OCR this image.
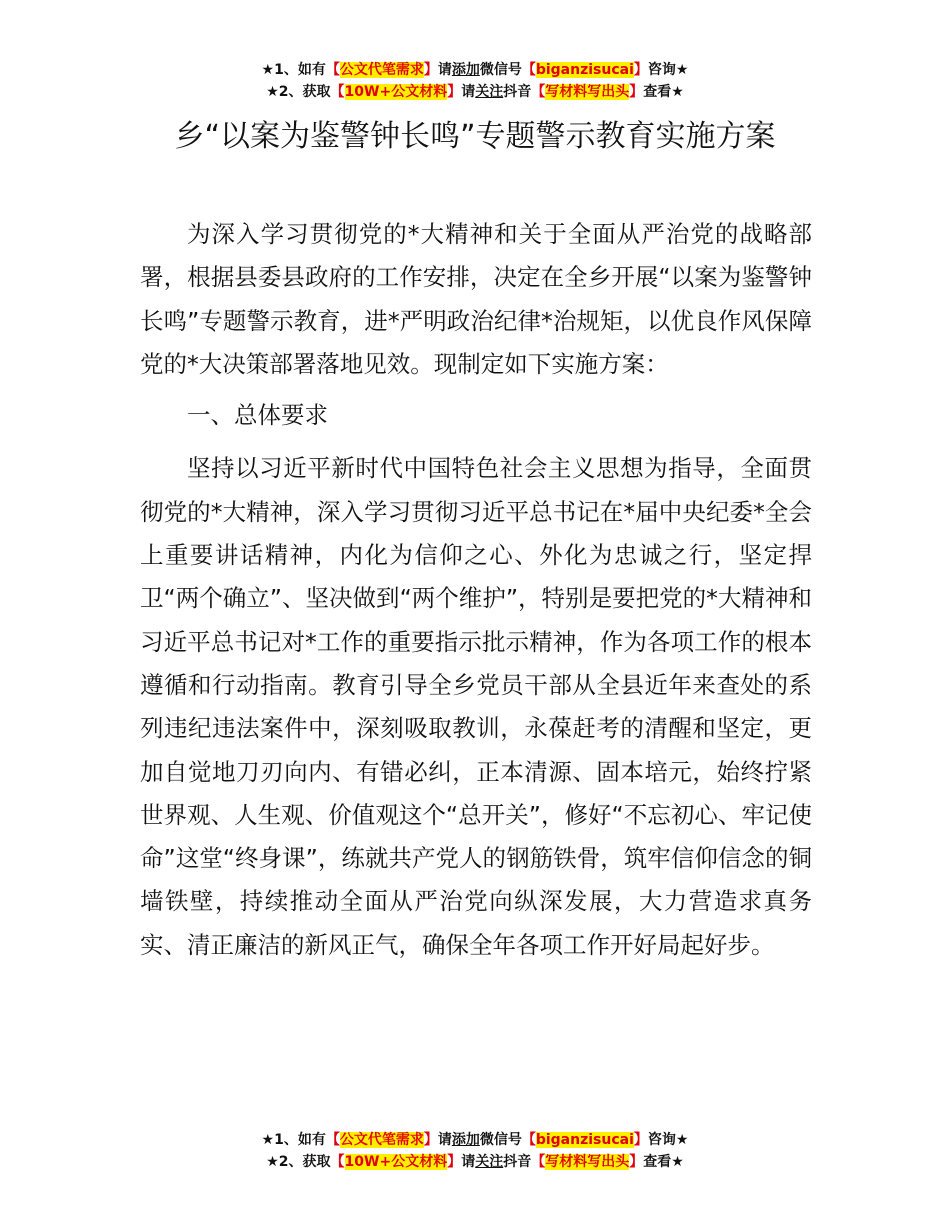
★1、如有【公文代笔需求】请添加微信号【biganzisucai】咨询★
★2、获取【10W+公文材料】请关注抖音【写材料写出头】查看★
乡“以案为鉴警钟长鸣”专题警示教育实施方案

为深入学习贯彻党的*大精神和关于全面从严治党的战略部署，根据县委县政府的工作安排，决定在全乡开展“以案为鉴警钟长鸣”专题警示教育，进*严明政治纪律*治规矩，以优良作风保障党的*大决策部署落地见效。现制定如下实施方案：

一、总体要求

坚持以习近平新时代中国特色社会主义思想为指导，全面贯彻党的*大精神，深入学习贯彻习近平总书记在*届中央纪委*全会上重要讲话精神，内化为信仰之心、外化为忠诚之行，坚定捍卫“两个确立”、坚决做到“两个维护”，特别是要把党的*大精神和习近平总书记对*工作的重要指示批示精神，作为各项工作的根本遵循和行动指南。教育引导全乡党员干部从全县近年来查处的系列违纪违法案件中，深刻吸取教训，永葆赶考的清醒和坚定，更加自觉地刀刃向内、有错必纠，正本清源、固本培元，始终拧紧世界观、人生观、价值观这个“总开关”，修好“不忘初心、牢记使命”这堂“终身课”，练就共产党人的钢筋铁骨，筑牢信仰信念的铜墙铁壁，持续推动全面从严治党向纵深发展，大力营造求真务实、清正廉洁的新风正气，确保全年各项工作开好局起好步。

★1、如有【公文代笔需求】请添加微信号【biganzisucai】咨询★
★2、获取【10W+公文材料】请关注抖音【写材料写出头】查看★
